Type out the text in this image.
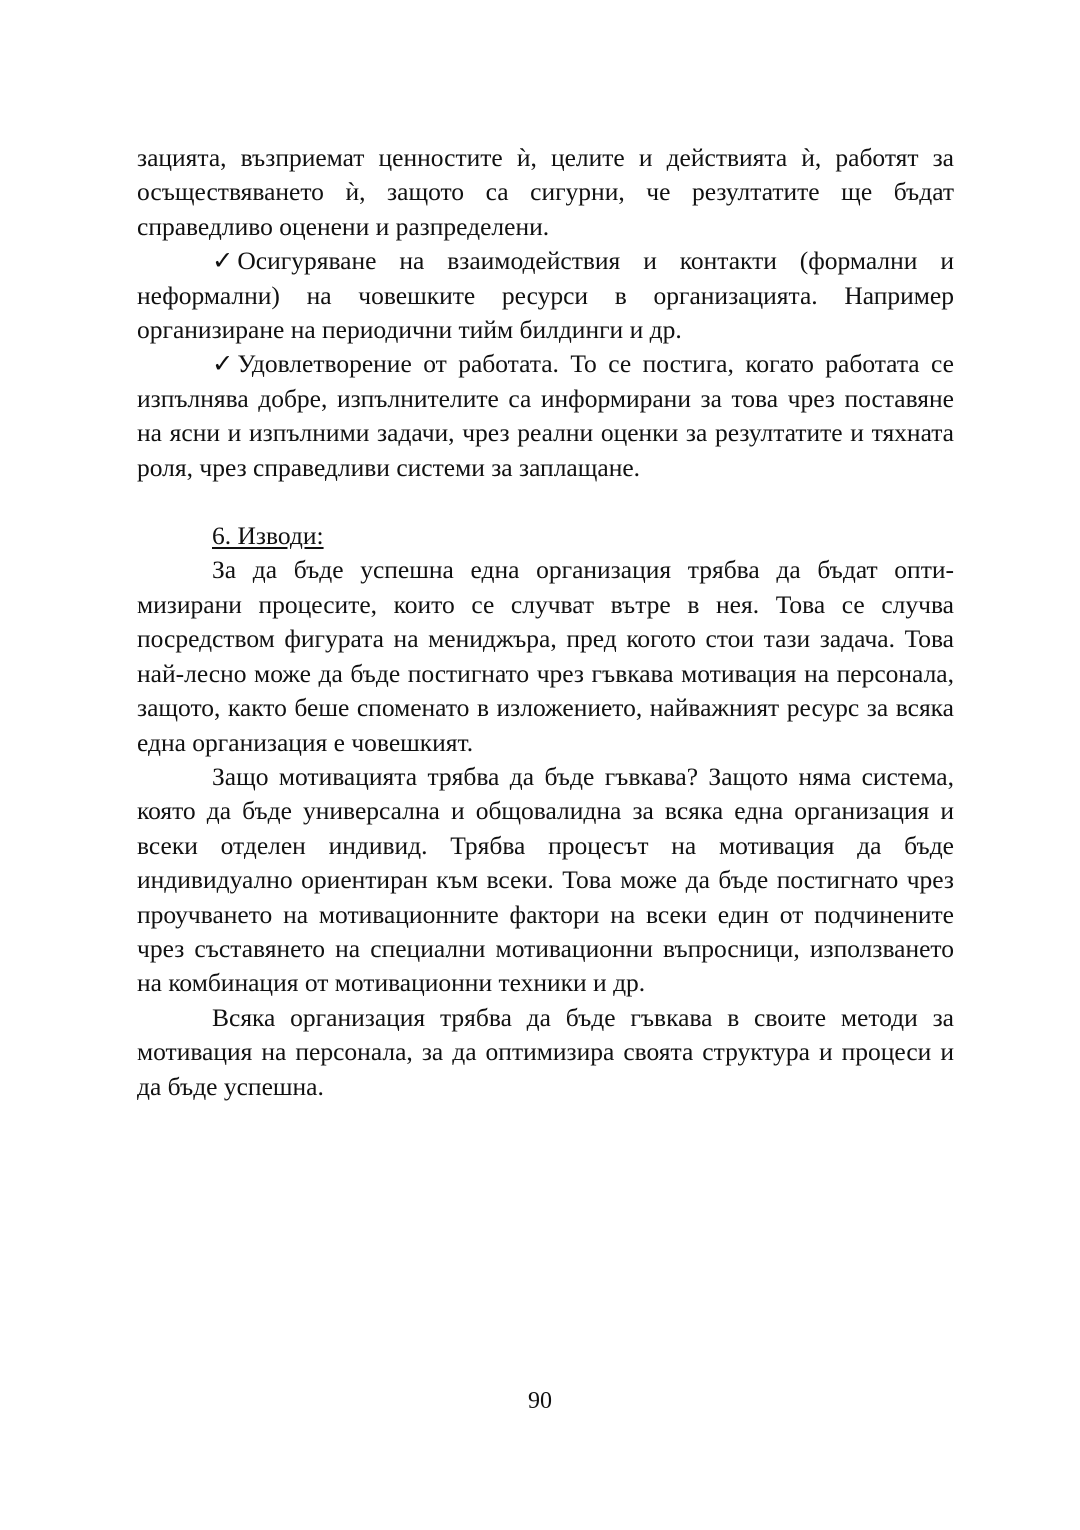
зацията, възприемат ценностите ѝ, целите и действията ѝ, работят за осъществяването ѝ, защото са сигурни, че резултатите ще бъдат справедливо оценени и разпределени.

✓ Осигуряване на взаимодействия и контакти (формални и неформални) на човешките ресурси в организацията. Например организиране на периодични тийм билдинги и др.

✓ Удовлетворение от работата. То се постига, когато работата се изпълнява добре, изпълнителите са информирани за това чрез поставяне на ясни и изпълними задачи, чрез реални оценки за резултатите и тяхната роля, чрез справедливи системи за заплащане.

6. Изводи:

За да бъде успешна една организация трябва да бъдат оптимизирани процесите, които се случват вътре в нея. Това се случва посредством фигурата на мениджъра, пред когото стои тази задача. Това най-лесно може да бъде постигнато чрез гъвкава мотивация на персонала, защото, както беше споменато в изложението, найважният ресурс за всяка една организация е човешкият.

Защо мотивацията трябва да бъде гъвкава? Защото няма система, която да бъде универсална и общовалидна за всяка една организация и всеки отделен индивид. Трябва процесът на мотивация да бъде индивидуално ориентиран към всеки. Това може да бъде постигнато чрез проучването на мотивационните фактори на всеки един от подчинените чрез съставянето на специални мотивационни въпросници, използването на комбинация от мотивационни техники и др.

Всяка организация трябва да бъде гъвкава в своите методи за мотивация на персонала, за да оптимизира своята структура и процеси и да бъде успешна.

90
